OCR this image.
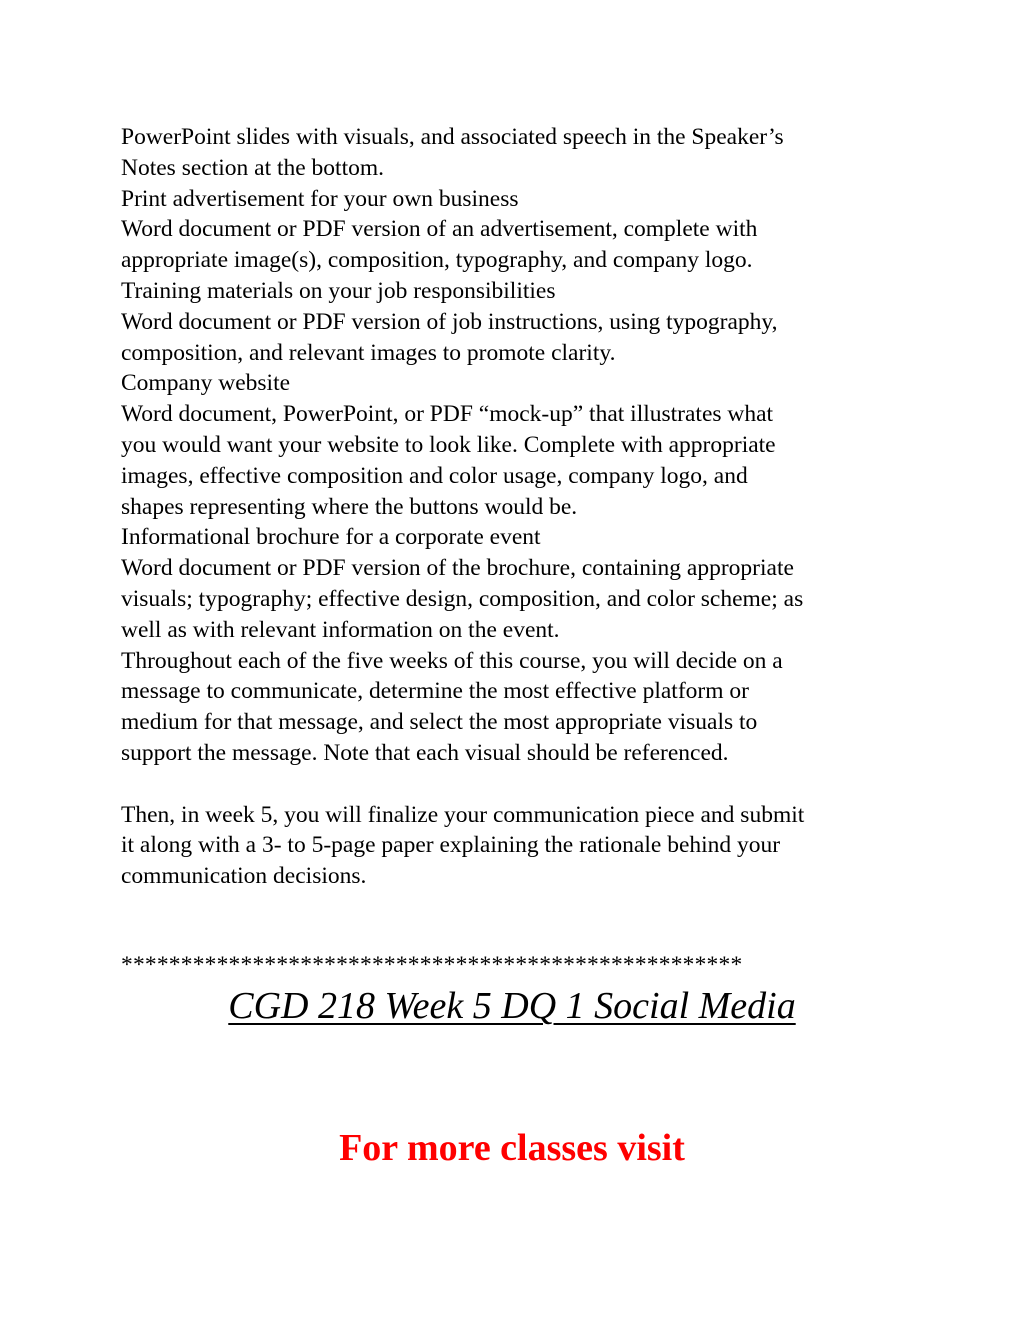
PowerPoint slides with visuals, and associated speech in the Speaker’s
Notes section at the bottom.
Print advertisement for your own business
Word document or PDF version of an advertisement, complete with
appropriate image(s), composition, typography, and company logo.
Training materials on your job responsibilities
Word document or PDF version of job instructions, using typography,
composition, and relevant images to promote clarity.
Company website
Word document, PowerPoint, or PDF “mock-up” that illustrates what
you would want your website to look like. Complete with appropriate
images, effective composition and color usage, company logo, and
shapes representing where the buttons would be.
Informational brochure for a corporate event
Word document or PDF version of the brochure, containing appropriate
visuals; typography; effective design, composition, and color scheme; as
well as with relevant information on the event.
Throughout each of the five weeks of this course, you will decide on a
message to communicate, determine the most effective platform or
medium for that message, and select the most appropriate visuals to
support the message. Note that each visual should be referenced.
Then, in week 5, you will finalize your communication piece and submit
it along with a 3- to 5-page paper explaining the rationale behind your
communication decisions.
****************************************************
CGD 218 Week 5 DQ 1 Social Media
For more classes visit
